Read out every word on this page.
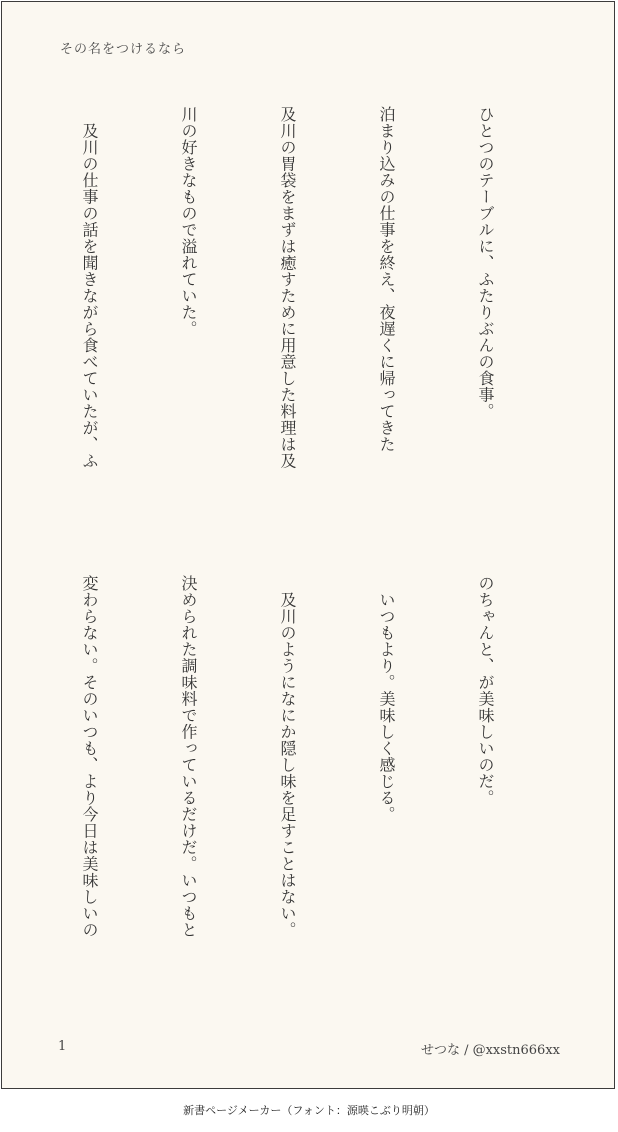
その名をつけるなら

ひとつのテーブルに、ふたりぶんの食事。

泊まり込みの仕事を終え、夜遅くに帰ってきた

及川の胃袋をまずは癒すために用意した料理は及

川の好きなもので溢れていた。

　及川の仕事の話を聞きながら食べていたが、ふ

のちゃんと、が美味しいのだ。

　いつもより。美味しく感じる。

　及川のようになにか隠し味を足すことはない。

決められた調味料で作っているだけだ。いつもと

変わらない。そのいつも、より今日は美味しいの

1	せつな / @xxstn666xx
新書ページメーカー（フォント：源暎こぶり明朝）
